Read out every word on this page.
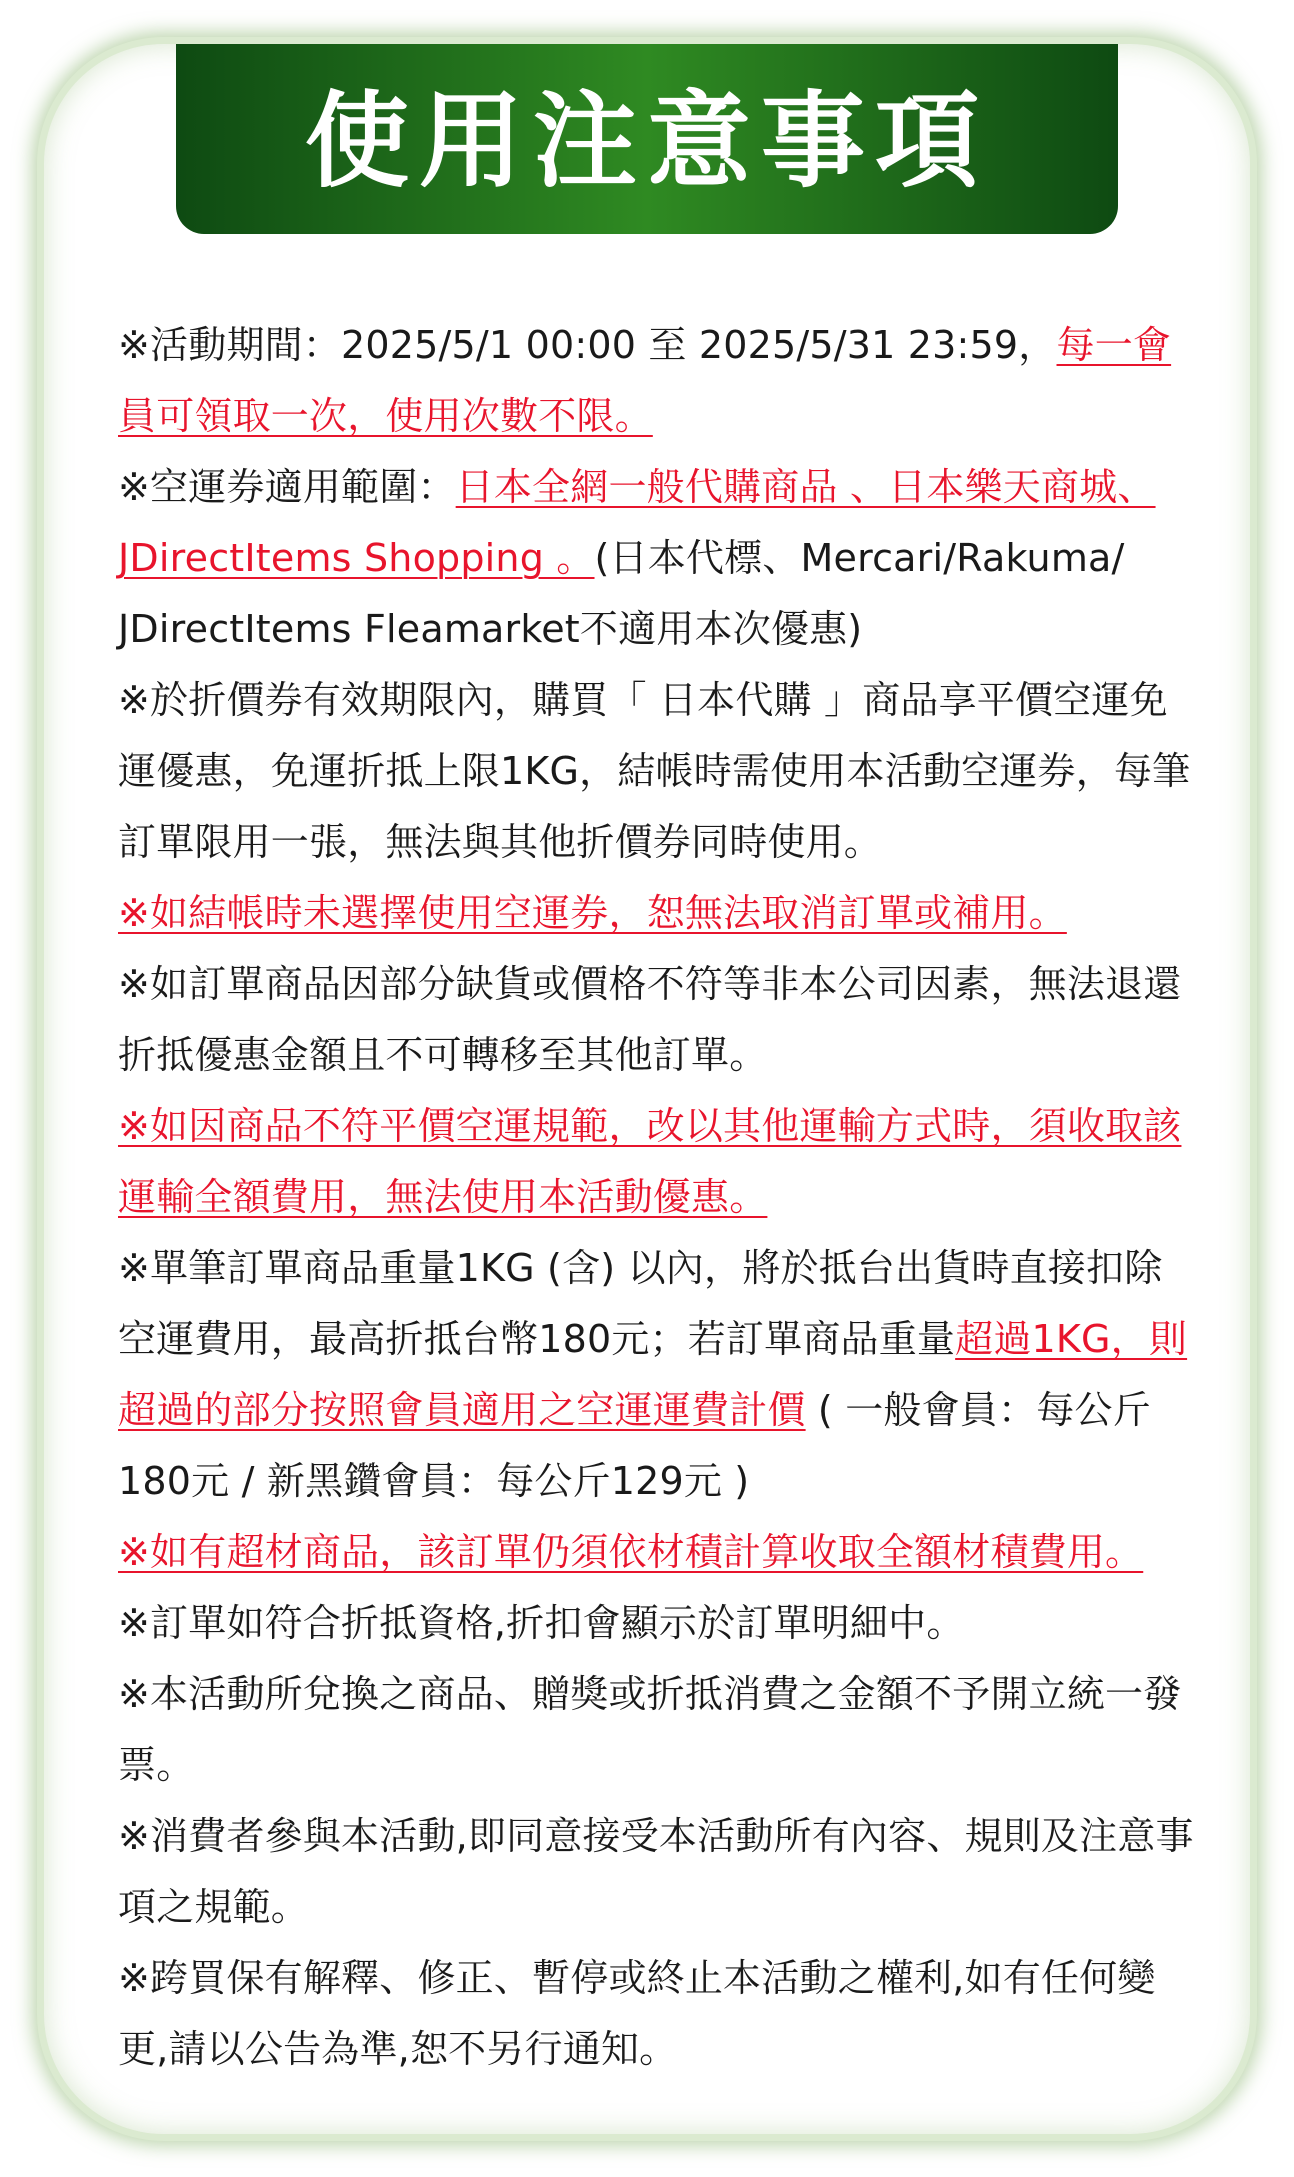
使用注意事項

※活動期間：2025/5/1 00:00 至 2025/5/31 23:59，每一會員可領取一次，使用次數不限。

※空運券適用範圍：日本全網一般代購商品 、日本樂天商城、JDirectItems Shopping 。(日本代標、Mercari/Rakuma/ JDirectItems Fleamarket不適用本次優惠)

※於折價券有效期限內，購買「 日本代購 」商品享平價空運免運優惠，免運折抵上限1KG，結帳時需使用本活動空運券，每筆訂單限用一張，無法與其他折價券同時使用。

※如結帳時未選擇使用空運券，恕無法取消訂單或補用。

※如訂單商品因部分缺貨或價格不符等非本公司因素，無法退還折抵優惠金額且不可轉移至其他訂單。

※如因商品不符平價空運規範，改以其他運輸方式時，須收取該運輸全額費用，無法使用本活動優惠。

※單筆訂單商品重量1KG (含) 以內，將於抵台出貨時直接扣除空運費用，最高折抵台幣180元；若訂單商品重量超過1KG，則超過的部分按照會員適用之空運運費計價 ( 一般會員：每公斤180元 / 新黑鑽會員：每公斤129元 )

※如有超材商品，該訂單仍須依材積計算收取全額材積費用。

※訂單如符合折抵資格,折扣會顯示於訂單明細中。

※本活動所兌換之商品、贈獎或折抵消費之金額不予開立統一發票。

※消費者參與本活動,即同意接受本活動所有內容、規則及注意事項之規範。

※跨買保有解釋、修正、暫停或終止本活動之權利,如有任何變更,請以公告為準,恕不另行通知。
